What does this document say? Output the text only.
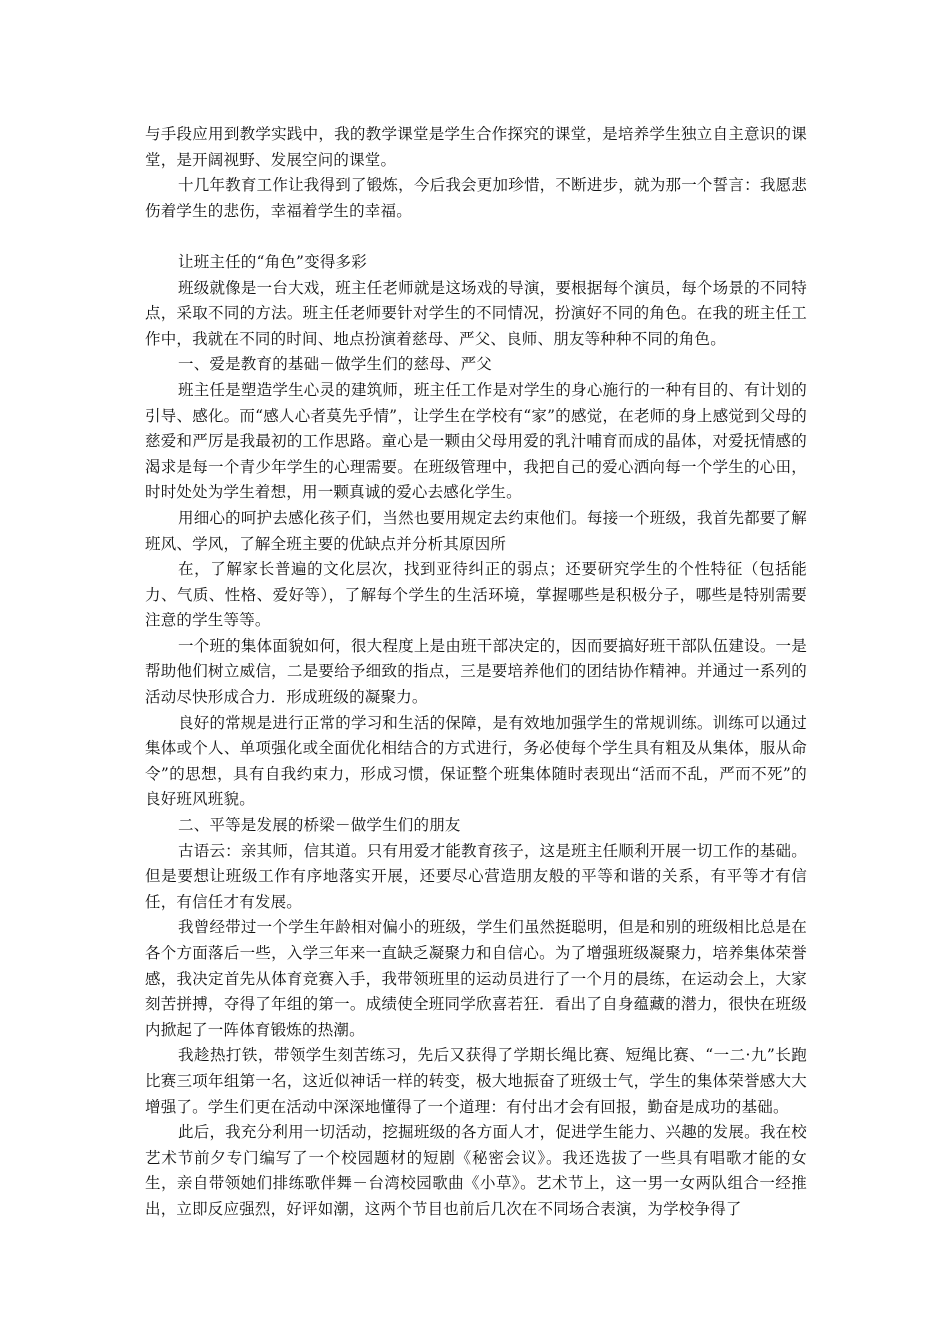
与手段应用到教学实践中，我的教学课堂是学生合作探究的课堂，是培养学生独立自主意识的课堂，是开阔视野、发展空问的课堂。

十几年教育工作让我得到了锻炼，今后我会更加珍惜，不断进步，就为那一个誓言：我愿悲伤着学生的悲伤，幸福着学生的幸福。

让班主任的“角色”变得多彩

班级就像是一台大戏，班主任老师就是这场戏的导演，要根据每个演员，每个场景的不同特点，采取不同的方法。班主任老师要针对学生的不同情况，扮演好不同的角色。在我的班主任工作中，我就在不同的时间、地点扮演着慈母、严父、良师、朋友等种种不同的角色。

一、爱是教育的基础－做学生们的慈母、严父

班主任是塑造学生心灵的建筑师，班主任工作是对学生的身心施行的一种有目的、有计划的引导、感化。而“感人心者莫先乎情”，让学生在学校有“家”的感觉，在老师的身上感觉到父母的慈爱和严厉是我最初的工作思路。童心是一颗由父母用爱的乳汁哺育而成的晶体，对爱抚情感的渴求是每一个青少年学生的心理需要。在班级管理中，我把自己的爱心洒向每一个学生的心田，时时处处为学生着想，用一颗真诚的爱心去感化学生。

用细心的呵护去感化孩子们，当然也要用规定去约束他们。每接一个班级，我首先都要了解班风、学风，了解全班主要的优缺点并分析其原因所

在，了解家长普遍的文化层次，找到亚待纠正的弱点；还要研究学生的个性特征（包括能力、气质、性格、爱好等），了解每个学生的生活环境，掌握哪些是积极分子，哪些是特别需要注意的学生等等。

一个班的集体面貌如何，很大程度上是由班干部决定的，因而要搞好班干部队伍建设。一是帮助他们树立威信，二是要给予细致的指点，三是要培养他们的团结协作精神。并通过一系列的活动尽快形成合力．形成班级的凝聚力。

良好的常规是进行正常的学习和生活的保障，是有效地加强学生的常规训练。训练可以通过集体或个人、单项强化或全面优化相结合的方式进行，务必使每个学生具有粗及从集体，服从命令”的思想，具有自我约束力，形成习惯，保证整个班集体随时表现出“活而不乱，严而不死”的良好班风班貌。

二、平等是发展的桥梁－做学生们的朋友

古语云：亲其师，信其道。只有用爱才能教育孩子，这是班主任顺利开展一切工作的基础。但是要想让班级工作有序地落实开展，还要尽心营造朋友般的平等和谐的关系，有平等才有信任，有信任才有发展。

我曾经带过一个学生年龄相对偏小的班级，学生们虽然挺聪明，但是和别的班级相比总是在各个方面落后一些，入学三年来一直缺乏凝聚力和自信心。为了增强班级凝聚力，培养集体荣誉感，我决定首先从体育竞赛入手，我带领班里的运动员进行了一个月的晨练，在运动会上，大家刻苦拼搏，夺得了年组的第一。成绩使全班同学欣喜若狂．看出了自身蕴藏的潜力，很快在班级内掀起了一阵体育锻炼的热潮。

我趁热打铁，带领学生刻苦练习，先后又获得了学期长绳比赛、短绳比赛、“一二·九”长跑比赛三项年组第一名，这近似神话一样的转变，极大地振奋了班级士气，学生的集体荣誉感大大增强了。学生们更在活动中深深地懂得了一个道理：有付出才会有回报，勤奋是成功的基础。

此后，我充分利用一切活动，挖掘班级的各方面人才，促进学生能力、兴趣的发展。我在校艺术节前夕专门编写了一个校园题材的短剧《秘密会议》。我还选拔了一些具有唱歌才能的女生，亲自带领她们排练歌伴舞－台湾校园歌曲《小草》。艺术节上，这一男一女两队组合一经推出，立即反应强烈，好评如潮，这两个节目也前后几次在不同场合表演，为学校争得了
